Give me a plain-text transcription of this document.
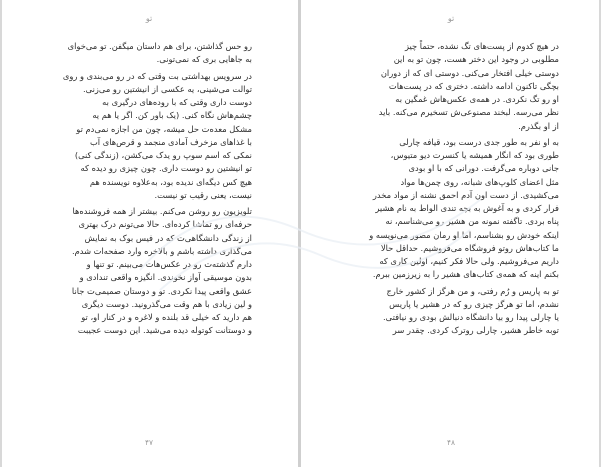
تو
رو حس گذاشتن، برای هم داستان میگفن. تو می‌خوای
به جاهایی بری که نمی‌تونی.
در سرویس بهداشتی بت وقتی که در رو می‌بندی و روی
توالت می‌شینی، یه عکسی از انیشتین رو می‌زنی.
دوست داری وقتی که با روده‌های درگیری به
چشم‌هاش نگاه کنی. (یک باور کن. اگر یا هم یه
مشکل معده‌ت حل میشه، چون من اجازه نمی‌دم تو
با غذاهای مزخرف آمادی منجمد و قرص‌های آب
نمکی که اسم سوپ رو یدک می‌کشن، (زندگی کنی)
تو انیشتین رو دوست داری. چون چیزی رو دیده که
هیچ کس دیگه‌ای ندیده بود، به‌علاوه نویسنده هم
نیست، یعنی رقیب تو نیست.
تلویزیون رو روشن می‌کنم. بیشتر از همه فروشنده‌ها
حرفه‌ای رو تماشا کرده‌ای. حالا می‌تونم درک بهتری
از زندگی دانشگاهی‌ت که در فیس بوک به نمایش
می‌گذاری داشته باشم و بالاخره وارد صفحه‌ات شدم.
دارم گذشته‌ت رو در عکس‌هات می‌بینم. تو تنها و
بدون موسیقی آواز نخوندی. انگیزه واقعی تندادی و
عشق واقعی پیدا نکردی. تو و دوستان صمیمی‌ت جانا
و لین زیادی با هم وقت می‌گذرونید. دوست دیگری
هم دارید که خیلی قد بلنده و لاغره و در کنار او، تو
و دوستانت کوتوله دیده می‌شید. این دوست عجیبت
۴۷
تو
در هیچ کدوم از پست‌های تگ نشده، حتماً چیز
مطلوبی در وجود این دختر هست، چون تو به این
دوستی خیلی افتخار می‌کنی. دوستی ای که از دوران
بچگی تاکنون ادامه داشته. دختری که در پست‌هات
او رو تگ نکردی. در همه‌ی عکس‌هاش غمگین به
نظر می‌رسه. لبخند مصنوعی‌ش تسخیرم می‌کنه. باید
از او بگذرم.
به او نفر به طور جدی درست بود، قیافه چارلی
طوری بود که انگار همیشه یا کنسرت دیو متیوس،
جانی دوباره می‌گرفت. دورانی که با او بودی
مثل اعضای کلوپ‌های شبانه، روی چمن‌ها مواد
می‌کشیدی. از دست اون آدم احمق نشنه از مواد مخدر
فرار کردی و به آغوش به بچه تندی الواط به نام هشیر
پناه بردی. تاگفته نمونه من هشیر رو می‌شناسم، نه
اینکه خودش رو بشناسم، اما او رمان مصور می‌نویسه و
ما کتاب‌هاش روتو فروشگاه می‌فروشیم. حداقل حالا
داریم می‌فروشیم. ولی حالا فکر کنیم، اولین کاری که
بکنم اینه که همه‌ی کتاب‌های هشیر را به زیرزمین ببرم.
تو به پاریس و رُم رفتی، و من هرگز از کشور خارج
نشدم، اما تو هرگز چیزی رو که در هشیر یا پاریس
یا چارلی پیدا رو بیا دانشگاه دنبالش بودی رو نیافتی.
توبه خاطر هشیر، چارلی روترک کردی. چقدر سر
۴۸
